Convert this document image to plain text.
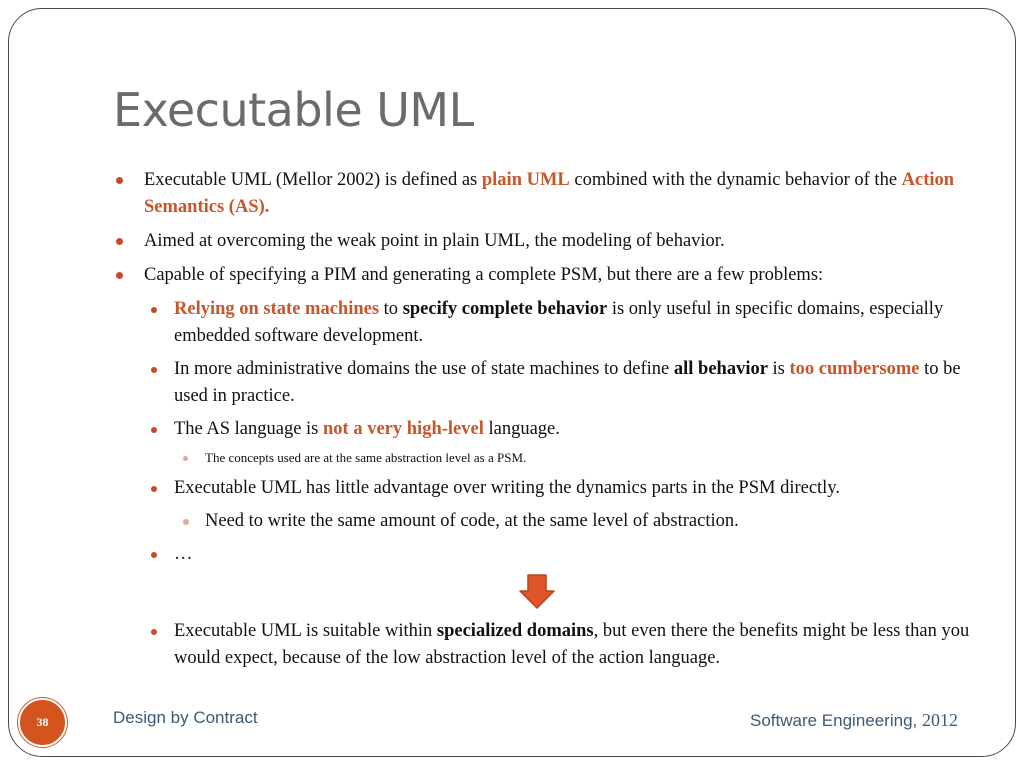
Executable UML
Executable UML (Mellor 2002) is defined as plain UML combined with the dynamic behavior of the Action Semantics (AS).
Aimed at overcoming the weak point in plain UML, the modeling of behavior.
Capable of specifying a PIM and generating a complete PSM, but there are a few problems:
Relying on state machines to specify complete behavior is only useful in specific domains, especially embedded software development.
In more administrative domains the use of state machines to define all behavior is too cumbersome to be used in practice.
The AS language is not a very high-level language.
The concepts used are at the same abstraction level as a PSM.
Executable UML has little advantage over writing the dynamics parts in the PSM directly.
Need to write the same amount of code, at the same level of abstraction.
…
Executable UML is suitable within specialized domains, but even there the benefits might be less than you would expect, because of the low abstraction level of the action language.
38	Design by Contract	Software Engineering, 2012
